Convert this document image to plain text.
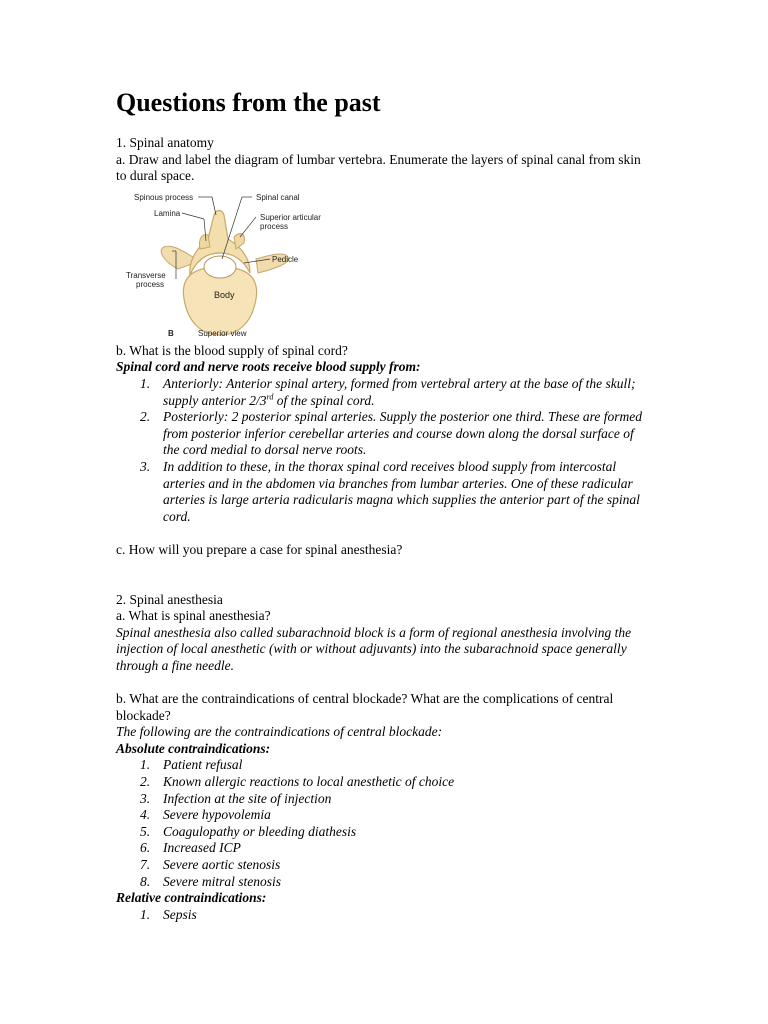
Questions from the past

1. Spinal anatomy

a. Draw and label the diagram of lumbar vertebra. Enumerate the layers of spinal canal from skin to dural space.

Spinous process
Lamina
Spinal canal
Superior articular
process
Transverse
process
Pedicle
Body
B	Superior view

b. What is the blood supply of spinal cord?

Spinal cord and nerve roots receive blood supply from:

1. Anteriorly: Anterior spinal artery, formed from vertebral artery at the base of the skull; supply anterior 2/3rd of the spinal cord.
2. Posteriorly: 2 posterior spinal arteries. Supply the posterior one third. These are formed from posterior inferior cerebellar arteries and course down along the dorsal surface of the cord medial to dorsal nerve roots.
3. In addition to these, in the thorax spinal cord receives blood supply from intercostal arteries and in the abdomen via branches from lumbar arteries. One of these radicular arteries is large arteria radicularis magna which supplies the anterior part of the spinal cord.

c. How will you prepare a case for spinal anesthesia?

2. Spinal anesthesia

a. What is spinal anesthesia?

Spinal anesthesia also called subarachnoid block is a form of regional anesthesia involving the injection of local anesthetic (with or without adjuvants) into the subarachnoid space generally through a fine needle.

b. What are the contraindications of central blockade? What are the complications of central blockade?

The following are the contraindications of central blockade:

Absolute contraindications:

1. Patient refusal
2. Known allergic reactions to local anesthetic of choice
3. Infection at the site of injection
4. Severe hypovolemia
5. Coagulopathy or bleeding diathesis
6. Increased ICP
7. Severe aortic stenosis
8. Severe mitral stenosis

Relative contraindications:

1. Sepsis
